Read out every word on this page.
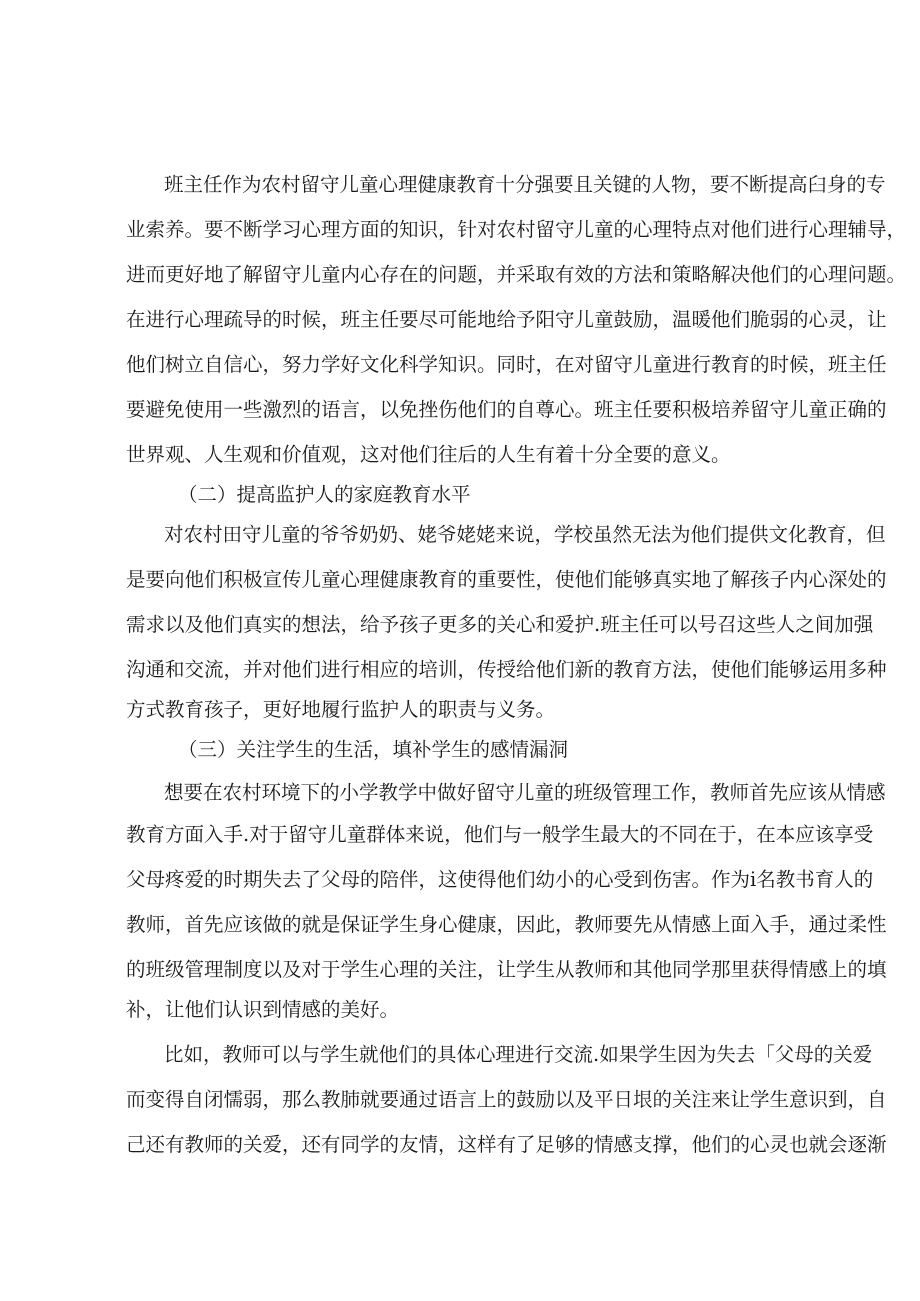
班主任作为农村留守儿童心理健康教育十分强要且关键的人物，要不断提高臼身的专
业索养。要不断学习心理方面的知识，针对农村留守儿童的心理特点对他们进行心理辅导，
进而更好地了解留守儿童内心存在的问题，并采取有效的方法和策略解决他们的心理问题。
在进行心理疏导的时候，班主任要尽可能地给予阳守儿童鼓励，温暖他们脆弱的心灵，让
他们树立自信心，努力学好文化科学知识。同时，在对留守儿童进行教育的时候，班主任
要避免使用一些激烈的语言，以免挫伤他们的自尊心。班主任要积极培养留守儿童正确的
世界观、人生观和价值观，这对他们往后的人生有着十分全要的意义。
（二）提高监护人的家庭教育水平
对农村田守儿童的爷爷奶奶、姥爷姥姥来说，学校虽然无法为他们提供文化教育，但
是要向他们积极宣传儿童心理健康教育的重要性，使他们能够真实地了解孩子内心深处的
需求以及他们真实的想法，给予孩子更多的关心和爱护.班主任可以号召这些人之间加强
沟通和交流，并对他们进行相应的培训，传授给他们新的教育方法，使他们能够运用多种
方式教育孩子，更好地履行监护人的职责与义务。
（三）关注学生的生活，填补学生的感情漏洞
想要在农村环境下的小学教学中做好留守儿童的班级管理工作，教师首先应该从情感
教育方面入手.对于留守儿童群体来说，他们与一般学生最大的不同在于，在本应该享受
父母疼爱的时期失去了父母的陪伴，这使得他们幼小的心受到伤害。作为i名教书育人的
教师，首先应该做的就是保证学生身心健康，因此，教师要先从情感上面入手，通过柔性
的班级管理制度以及对于学生心理的关注，让学生从教师和其他同学那里获得情感上的填
补，让他们认识到情感的美好。
比如，教师可以与学生就他们的具体心理进行交流.如果学生因为失去「父母的关爱
而变得自闭懦弱，那么教肺就要通过语言上的鼓励以及平日垠的关注来让学生意识到，自
己还有教师的关爱，还有同学的友情，这样有了足够的情感支撑，他们的心灵也就会逐渐
